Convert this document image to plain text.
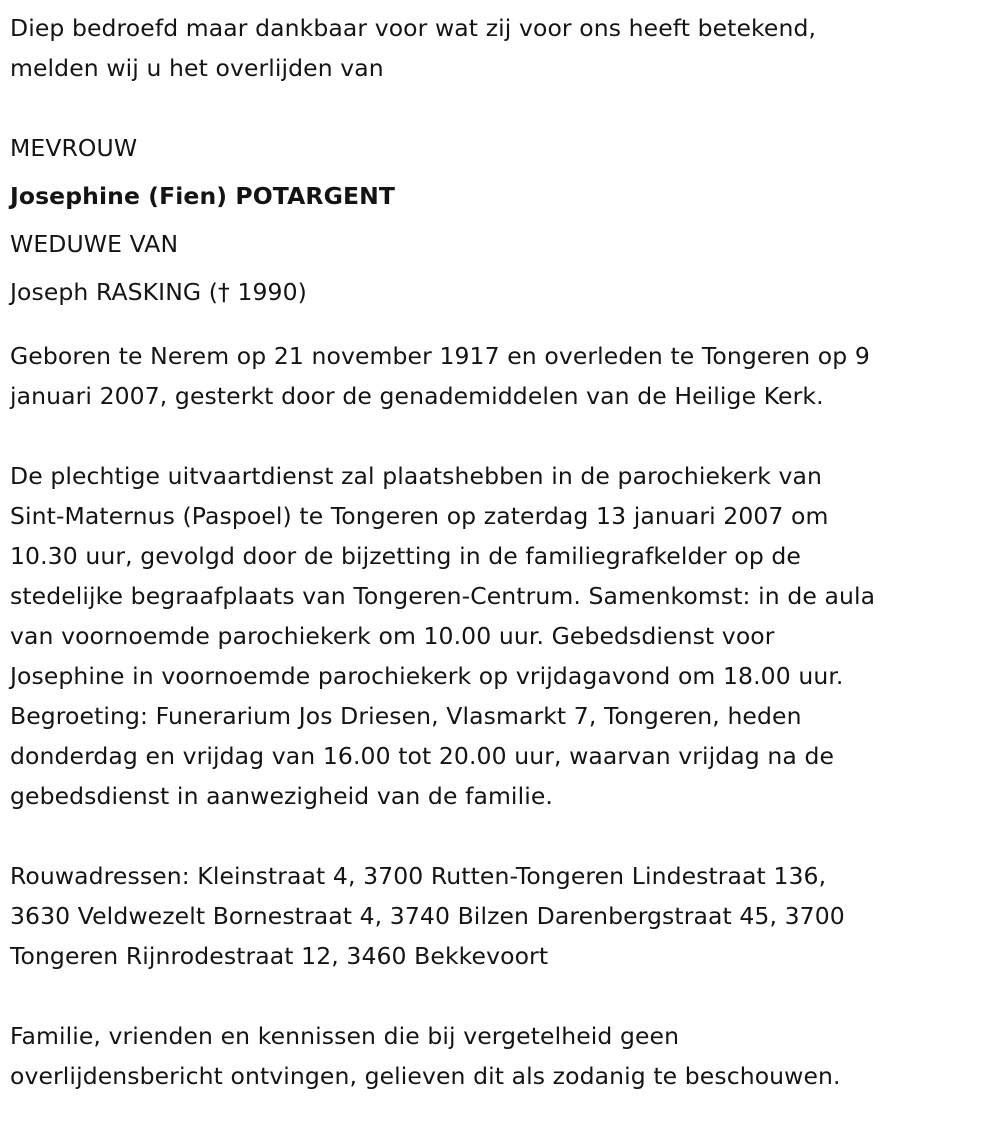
Diep bedroefd maar dankbaar voor wat zij voor ons heeft betekend,
melden wij u het overlijden van
MEVROUW
Josephine (Fien) POTARGENT
WEDUWE VAN
Joseph RASKING († 1990)
Geboren te Nerem op 21 november 1917 en overleden te Tongeren op 9
januari 2007, gesterkt door de genademiddelen van de Heilige Kerk.
De plechtige uitvaartdienst zal plaatshebben in de parochiekerk van
Sint-Maternus (Paspoel) te Tongeren op zaterdag 13 januari 2007 om
10.30 uur, gevolgd door de bijzetting in de familiegrafkelder op de
stedelijke begraafplaats van Tongeren-Centrum. Samenkomst: in de aula
van voornoemde parochiekerk om 10.00 uur. Gebedsdienst voor
Josephine in voornoemde parochiekerk op vrijdagavond om 18.00 uur.
Begroeting: Funerarium Jos Driesen, Vlasmarkt 7, Tongeren, heden
donderdag en vrijdag van 16.00 tot 20.00 uur, waarvan vrijdag na de
gebedsdienst in aanwezigheid van de familie.
Rouwadressen: Kleinstraat 4, 3700 Rutten-Tongeren Lindestraat 136,
3630 Veldwezelt Bornestraat 4, 3740 Bilzen Darenbergstraat 45, 3700
Tongeren Rijnrodestraat 12, 3460 Bekkevoort
Familie, vrienden en kennissen die bij vergetelheid geen
overlijdensbericht ontvingen, gelieven dit als zodanig te beschouwen.
